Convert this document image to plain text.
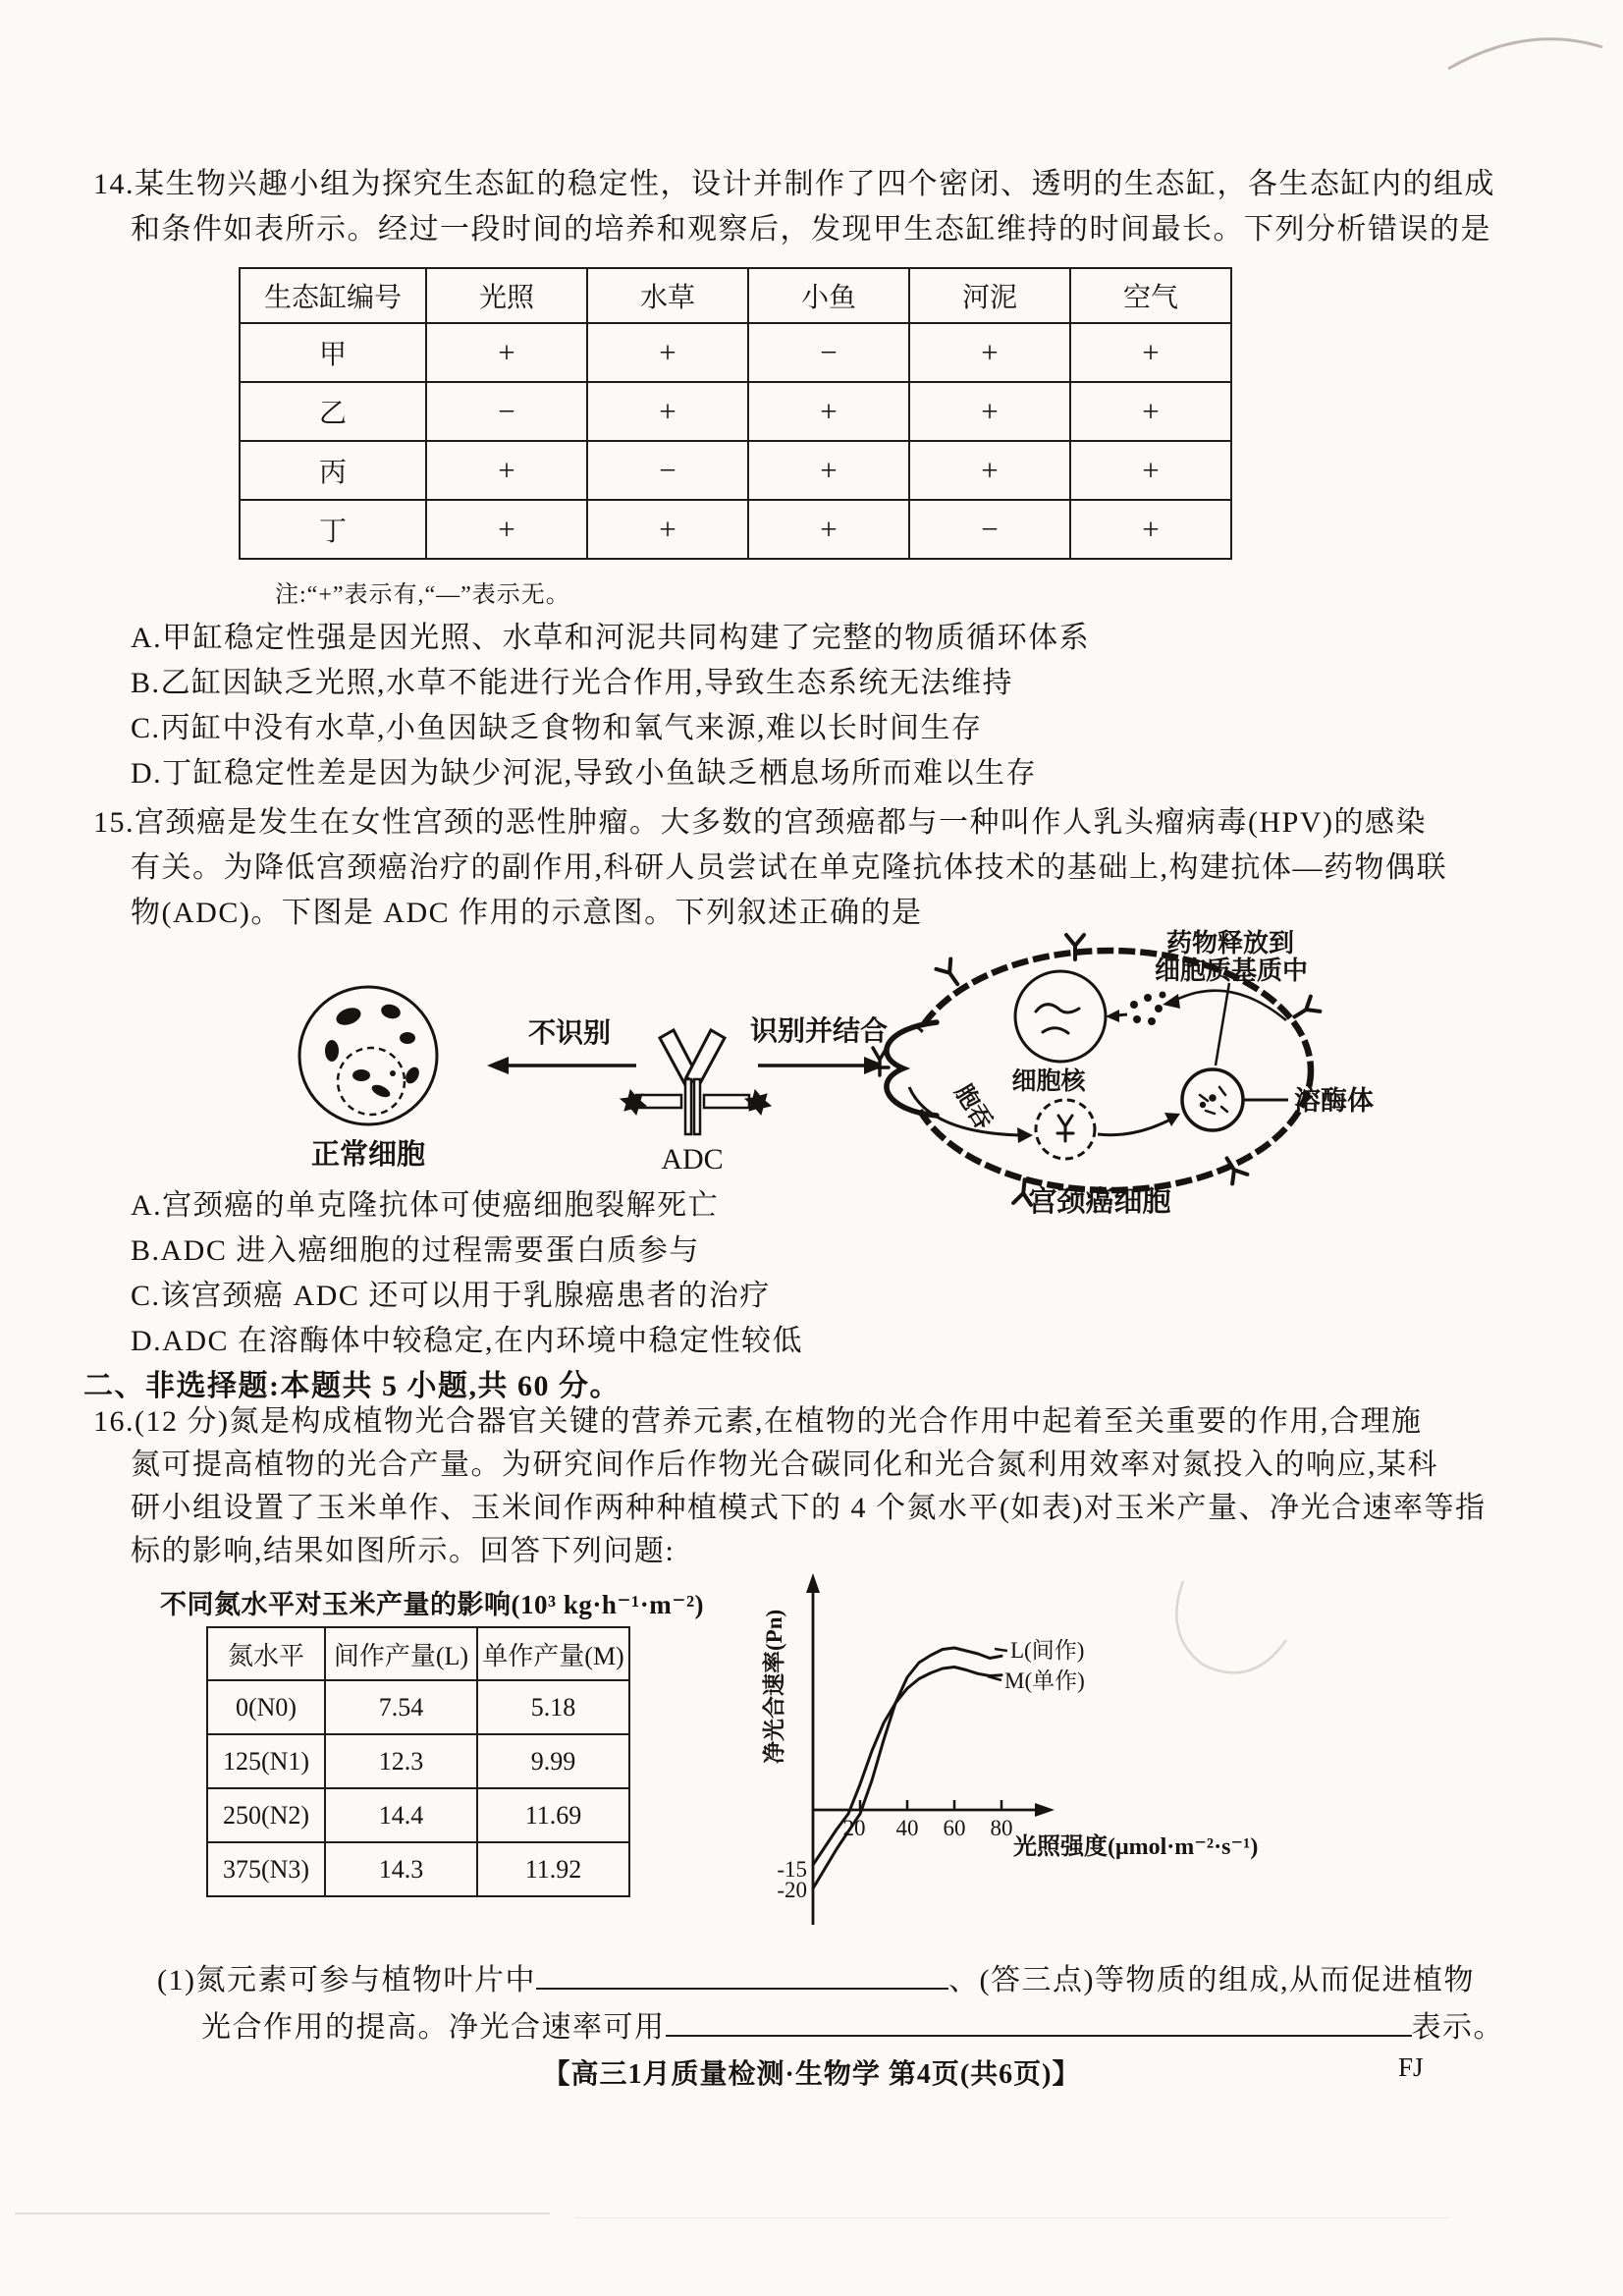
14.某生物兴趣小组为探究生态缸的稳定性，设计并制作了四个密闭、透明的生态缸，各生态缸内的组成
和条件如表所示。经过一段时间的培养和观察后，发现甲生态缸维持的时间最长。下列分析错误的是
生态缸编号	光照	水草	小鱼	河泥	空气
甲	+	+	−	+	+
乙	−	+	+	+	+
丙	+	−	+	+	+
丁	+	+	+	−	+
注:“+”表示有,“—”表示无。
A.甲缸稳定性强是因光照、水草和河泥共同构建了完整的物质循环体系
B.乙缸因缺乏光照,水草不能进行光合作用,导致生态系统无法维持
C.丙缸中没有水草,小鱼因缺乏食物和氧气来源,难以长时间生存
D.丁缸稳定性差是因为缺少河泥,导致小鱼缺乏栖息场所而难以生存
15.宫颈癌是发生在女性宫颈的恶性肿瘤。大多数的宫颈癌都与一种叫作人乳头瘤病毒(HPV)的感染
有关。为降低宫颈癌治疗的副作用,科研人员尝试在单克隆抗体技术的基础上,构建抗体—药物偶联
物(ADC)。下图是 ADC 作用的示意图。下列叙述正确的是
正常细胞
不识别
ADC
识别并结合
药物释放到
细胞质基质中
细胞核
胞吞	溶酶体
宫颈癌细胞
A.宫颈癌的单克隆抗体可使癌细胞裂解死亡
B.ADC 进入癌细胞的过程需要蛋白质参与
C.该宫颈癌 ADC 还可以用于乳腺癌患者的治疗
D.ADC 在溶酶体中较稳定,在内环境中稳定性较低
二、非选择题:本题共 5 小题,共 60 分。
16.(12 分)氮是构成植物光合器官关键的营养元素,在植物的光合作用中起着至关重要的作用,合理施
氮可提高植物的光合产量。为研究间作后作物光合碳同化和光合氮利用效率对氮投入的响应,某科
研小组设置了玉米单作、玉米间作两种种植模式下的 4 个氮水平(如表)对玉米产量、净光合速率等指
标的影响,结果如图所示。回答下列问题:
不同氮水平对玉米产量的影响(10³ kg·h⁻¹·m⁻²)
氮水平	间作产量(L)	单作产量(M)
0(N0)	7.54	5.18
125(N1)	12.3	9.99
250(N2)	14.4	11.69
375(N3)	14.3	11.92
20 40 60 80
-15
-20
L(间作)
M(单作)
净光合速率(Pn)
光照强度(μmol·m⁻²·s⁻¹)
(1)氮元素可参与植物叶片中	、(答三点)等物质的组成,从而促进植物
光合作用的提高。净光合速率可用	表示。
【高三1月质量检测·生物学 第4页(共6页)】	FJ
